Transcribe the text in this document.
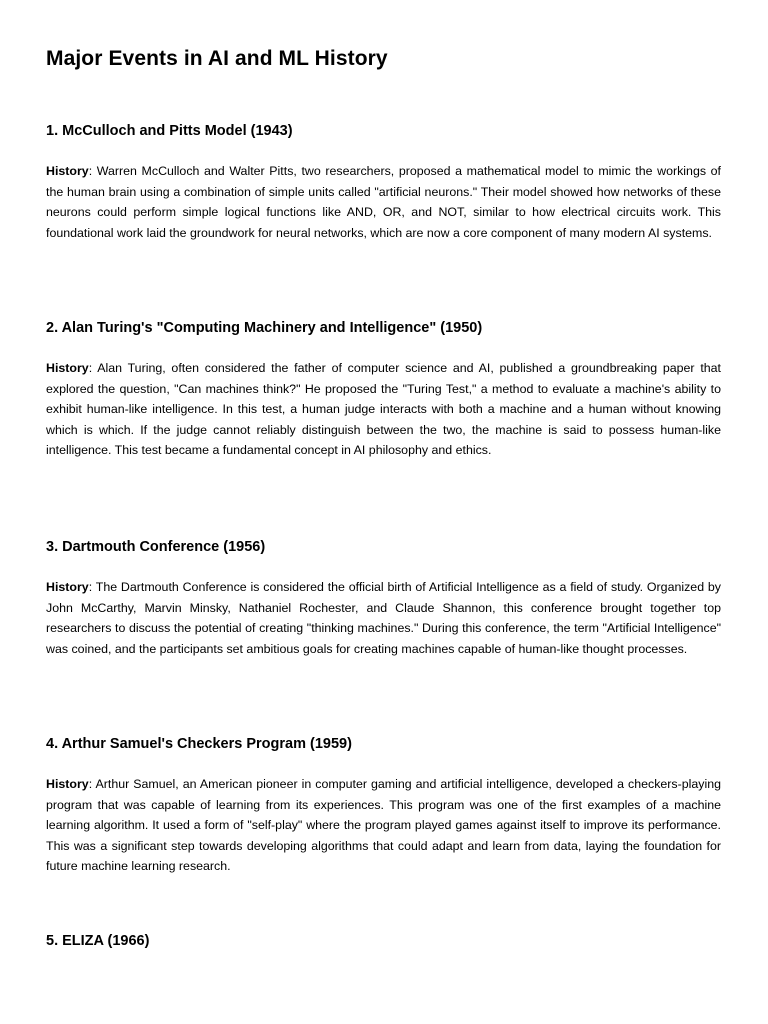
Major Events in AI and ML History
1. McCulloch and Pitts Model (1943)

History: Warren McCulloch and Walter Pitts, two researchers, proposed a mathematical model to mimic the workings of the human brain using a combination of simple units called "artificial neurons." Their model showed how networks of these neurons could perform simple logical functions like AND, OR, and NOT, similar to how electrical circuits work. This foundational work laid the groundwork for neural networks, which are now a core component of many modern AI systems.

2. Alan Turing's "Computing Machinery and Intelligence" (1950)

History: Alan Turing, often considered the father of computer science and AI, published a groundbreaking paper that explored the question, "Can machines think?" He proposed the "Turing Test," a method to evaluate a machine's ability to exhibit human-like intelligence. In this test, a human judge interacts with both a machine and a human without knowing which is which. If the judge cannot reliably distinguish between the two, the machine is said to possess human-like intelligence. This test became a fundamental concept in AI philosophy and ethics.

3. Dartmouth Conference (1956)

History: The Dartmouth Conference is considered the official birth of Artificial Intelligence as a field of study. Organized by John McCarthy, Marvin Minsky, Nathaniel Rochester, and Claude Shannon, this conference brought together top researchers to discuss the potential of creating "thinking machines." During this conference, the term "Artificial Intelligence" was coined, and the participants set ambitious goals for creating machines capable of human-like thought processes.

4. Arthur Samuel's Checkers Program (1959)

History: Arthur Samuel, an American pioneer in computer gaming and artificial intelligence, developed a checkers-playing program that was capable of learning from its experiences. This program was one of the first examples of a machine learning algorithm. It used a form of "self-play" where the program played games against itself to improve its performance. This was a significant step towards developing algorithms that could adapt and learn from data, laying the foundation for future machine learning research.

5. ELIZA (1966)
